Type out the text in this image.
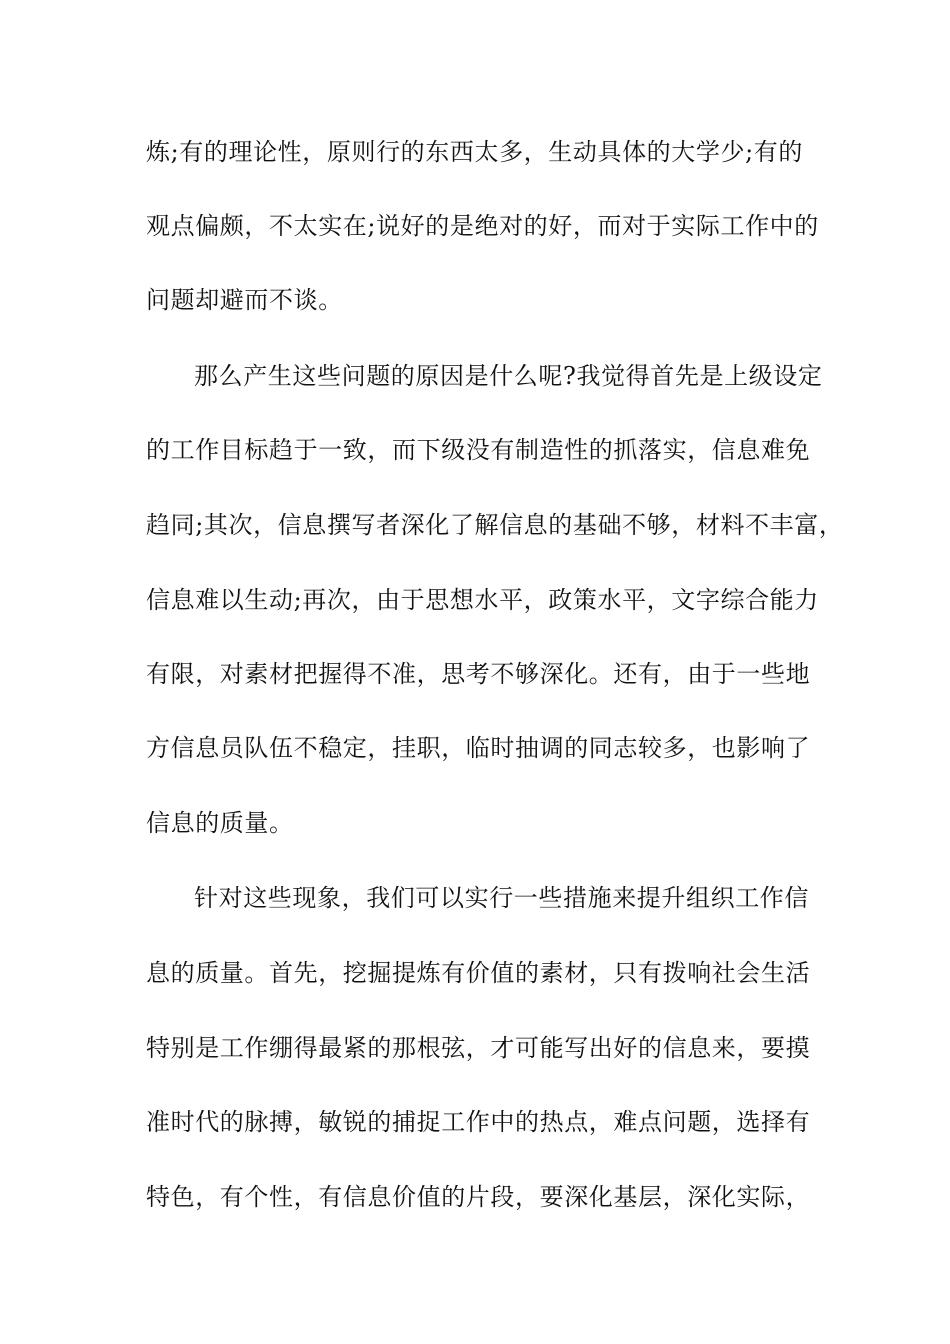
炼;有的理论性，原则行的东西太多，生动具体的大学少;有的
观点偏颇，不太实在;说好的是绝对的好，而对于实际工作中的
问题却避而不谈。
那么产生这些问题的原因是什么呢?我觉得首先是上级设定
的工作目标趋于一致，而下级没有制造性的抓落实，信息难免
趋同;其次，信息撰写者深化了解信息的基础不够，材料不丰富，
信息难以生动;再次，由于思想水平，政策水平，文字综合能力
有限，对素材把握得不准，思考不够深化。还有，由于一些地
方信息员队伍不稳定，挂职，临时抽调的同志较多，也影响了
信息的质量。
针对这些现象，我们可以实行一些措施来提升组织工作信
息的质量。首先，挖掘提炼有价值的素材，只有拨响社会生活
特别是工作绷得最紧的那根弦，才可能写出好的信息来，要摸
准时代的脉搏，敏锐的捕捉工作中的热点，难点问题，选择有
特色，有个性，有信息价值的片段，要深化基层，深化实际，
